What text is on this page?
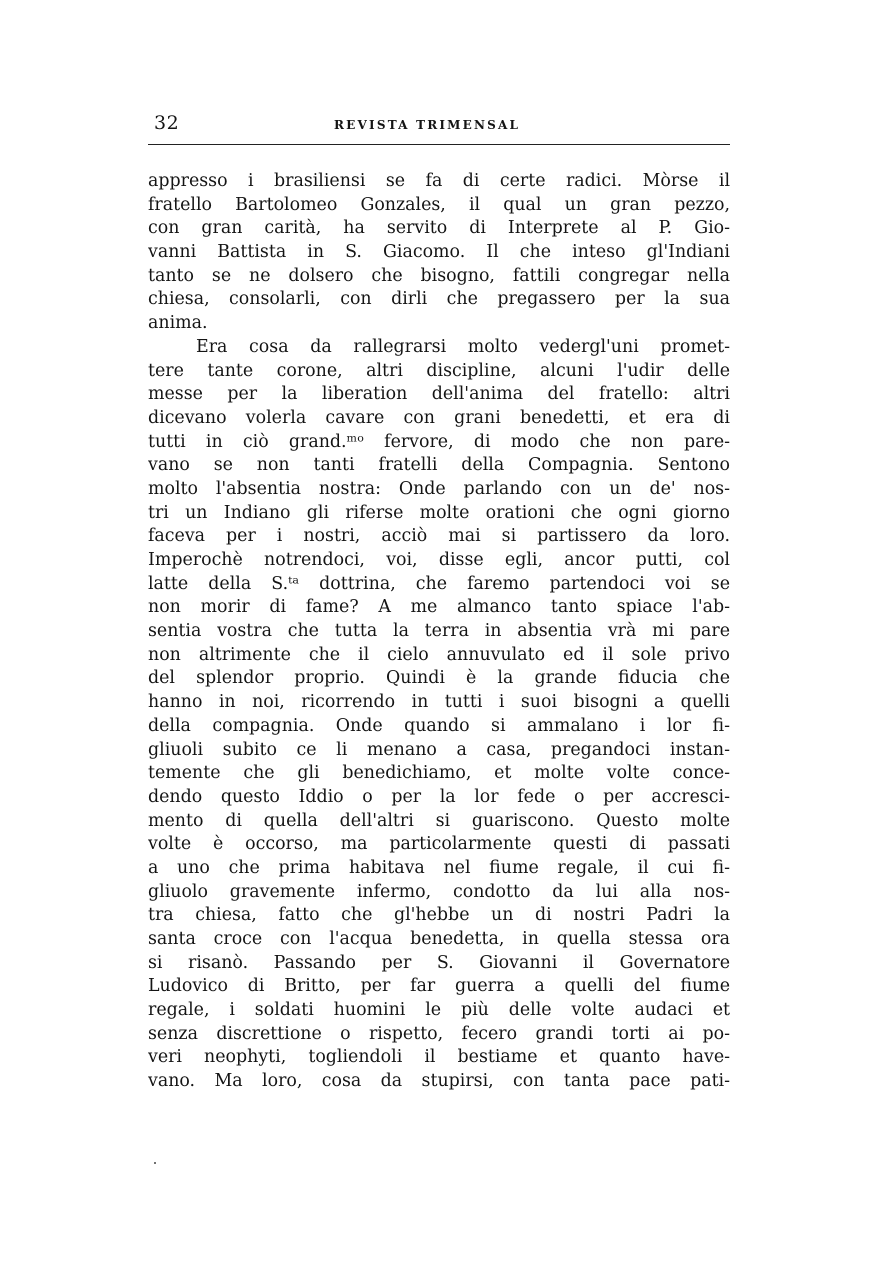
32	REVISTA TRIMENSAL
appresso i brasiliensi se fa di certe radici. Mòrse il
fratello Bartolomeo Gonzales, il qual un gran pezzo,
con gran carità, ha servito di Interprete al P. Gio-
vanni Battista in S. Giacomo. Il che inteso gl'Indiani
tanto se ne dolsero che bisogno, fattili congregar nella
chiesa, consolarli, con dirli che pregassero per la sua
anima.
Era cosa da rallegrarsi molto vedergl'uni promet-
tere tante corone, altri discipline, alcuni l'udir delle
messe per la liberation dell'anima del fratello: altri
dicevano volerla cavare con grani benedetti, et era di
tutti in ciò grand.ᵐᵒ fervore, di modo che non pare-
vano se non tanti fratelli della Compagnia. Sentono
molto l'absentia nostra: Onde parlando con un de' nos-
tri un Indiano gli riferse molte orationi che ogni giorno
faceva per i nostri, acciò mai si partissero da loro.
Imperochè notrendoci, voi, disse egli, ancor putti, col
latte della S.ᵗᵃ dottrina, che faremo partendoci voi se
non morir di fame? A me almanco tanto spiace l'ab-
sentia vostra che tutta la terra in absentia vrà mi pare
non altrimente che il cielo annuvulato ed il sole privo
del splendor proprio. Quindi è la grande fiducia che
hanno in noi, ricorrendo in tutti i suoi bisogni a quelli
della compagnia. Onde quando si ammalano i lor fi-
gliuoli subito ce li menano a casa, pregandoci instan-
temente che gli benedichiamo, et molte volte conce-
dendo questo Iddio o per la lor fede o per accresci-
mento di quella dell'altri si guariscono. Questo molte
volte è occorso, ma particolarmente questi di passati
a uno che prima habitava nel fiume regale, il cui fi-
gliuolo gravemente infermo, condotto da lui alla nos-
tra chiesa, fatto che gl'hebbe un di nostri Padri la
santa croce con l'acqua benedetta, in quella stessa ora
si risanò. Passando per S. Giovanni il Governatore
Ludovico di Britto, per far guerra a quelli del fiume
regale, i soldati huomini le più delle volte audaci et
senza discrettione o rispetto, fecero grandi torti ai po-
veri neophyti, togliendoli il bestiame et quanto have-
vano. Ma loro, cosa da stupirsi, con tanta pace pati-
